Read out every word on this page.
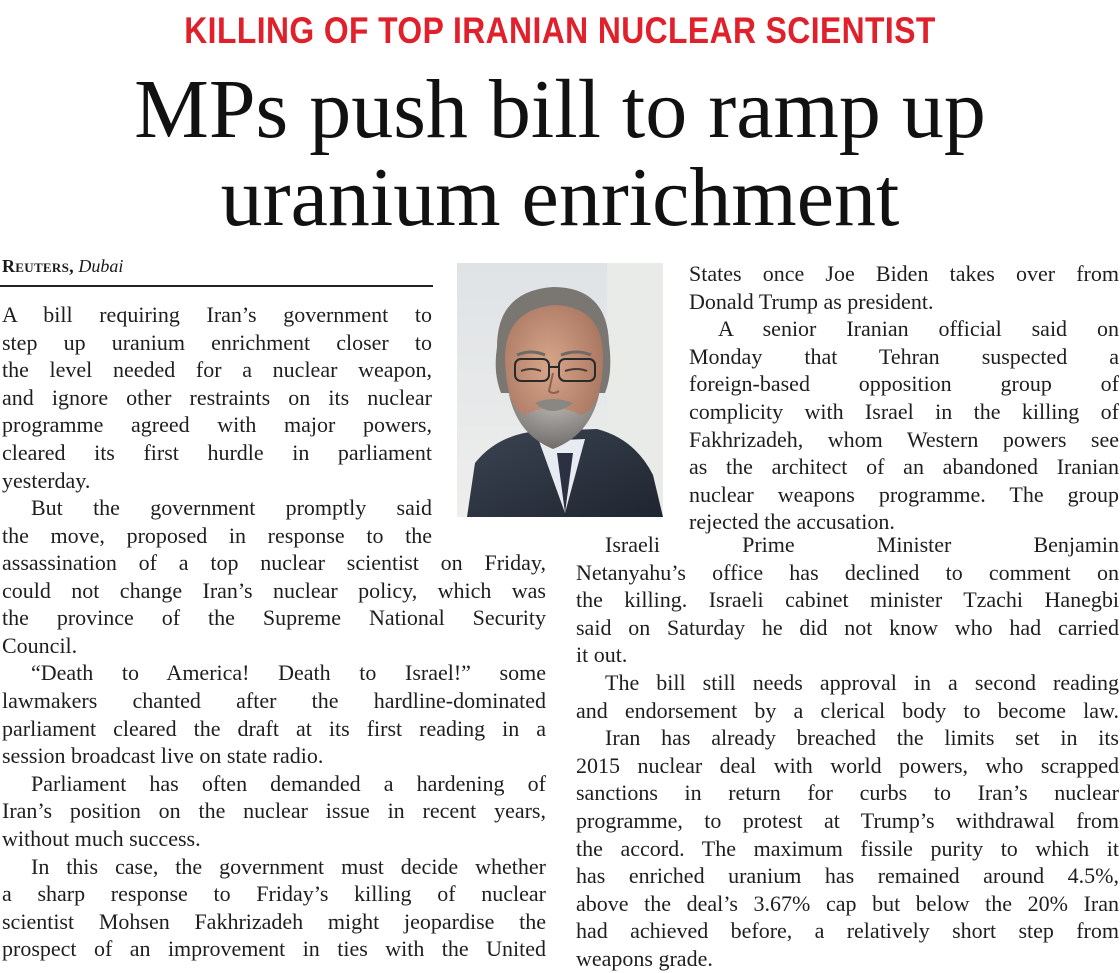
KILLING OF TOP IRANIAN NUCLEAR SCIENTIST
MPs push bill to ramp up
uranium enrichment
Reuters, Dubai
A bill requiring Iran’s government to
step up uranium enrichment closer to
the level needed for a nuclear weapon,
and ignore other restraints on its nuclear
programme agreed with major powers,
cleared its first hurdle in parliament
yesterday.
But the government promptly said
the move, proposed in response to the
assassination of a top nuclear scientist on Friday,
could not change Iran’s nuclear policy, which was
the province of the Supreme National Security
Council.
“Death to America! Death to Israel!” some
lawmakers chanted after the hardline-dominated
parliament cleared the draft at its first reading in a
session broadcast live on state radio.
Parliament has often demanded a hardening of
Iran’s position on the nuclear issue in recent years,
without much success.
In this case, the government must decide whether
a sharp response to Friday’s killing of nuclear
scientist Mohsen Fakhrizadeh might jeopardise the
prospect of an improvement in ties with the United
States once Joe Biden takes over from
Donald Trump as president.
A senior Iranian official said on
Monday that Tehran suspected a
foreign-based opposition group of
complicity with Israel in the killing of
Fakhrizadeh, whom Western powers see
as the architect of an abandoned Iranian
nuclear weapons programme. The group
rejected the accusation.
Israeli Prime Minister Benjamin
Netanyahu’s office has declined to comment on
the killing. Israeli cabinet minister Tzachi Hanegbi
said on Saturday he did not know who had carried
it out.
The bill still needs approval in a second reading
and endorsement by a clerical body to become law.
Iran has already breached the limits set in its
2015 nuclear deal with world powers, who scrapped
sanctions in return for curbs to Iran’s nuclear
programme, to protest at Trump’s withdrawal from
the accord. The maximum fissile purity to which it
has enriched uranium has remained around 4.5%,
above the deal’s 3.67% cap but below the 20% Iran
had achieved before, a relatively short step from
weapons grade.
